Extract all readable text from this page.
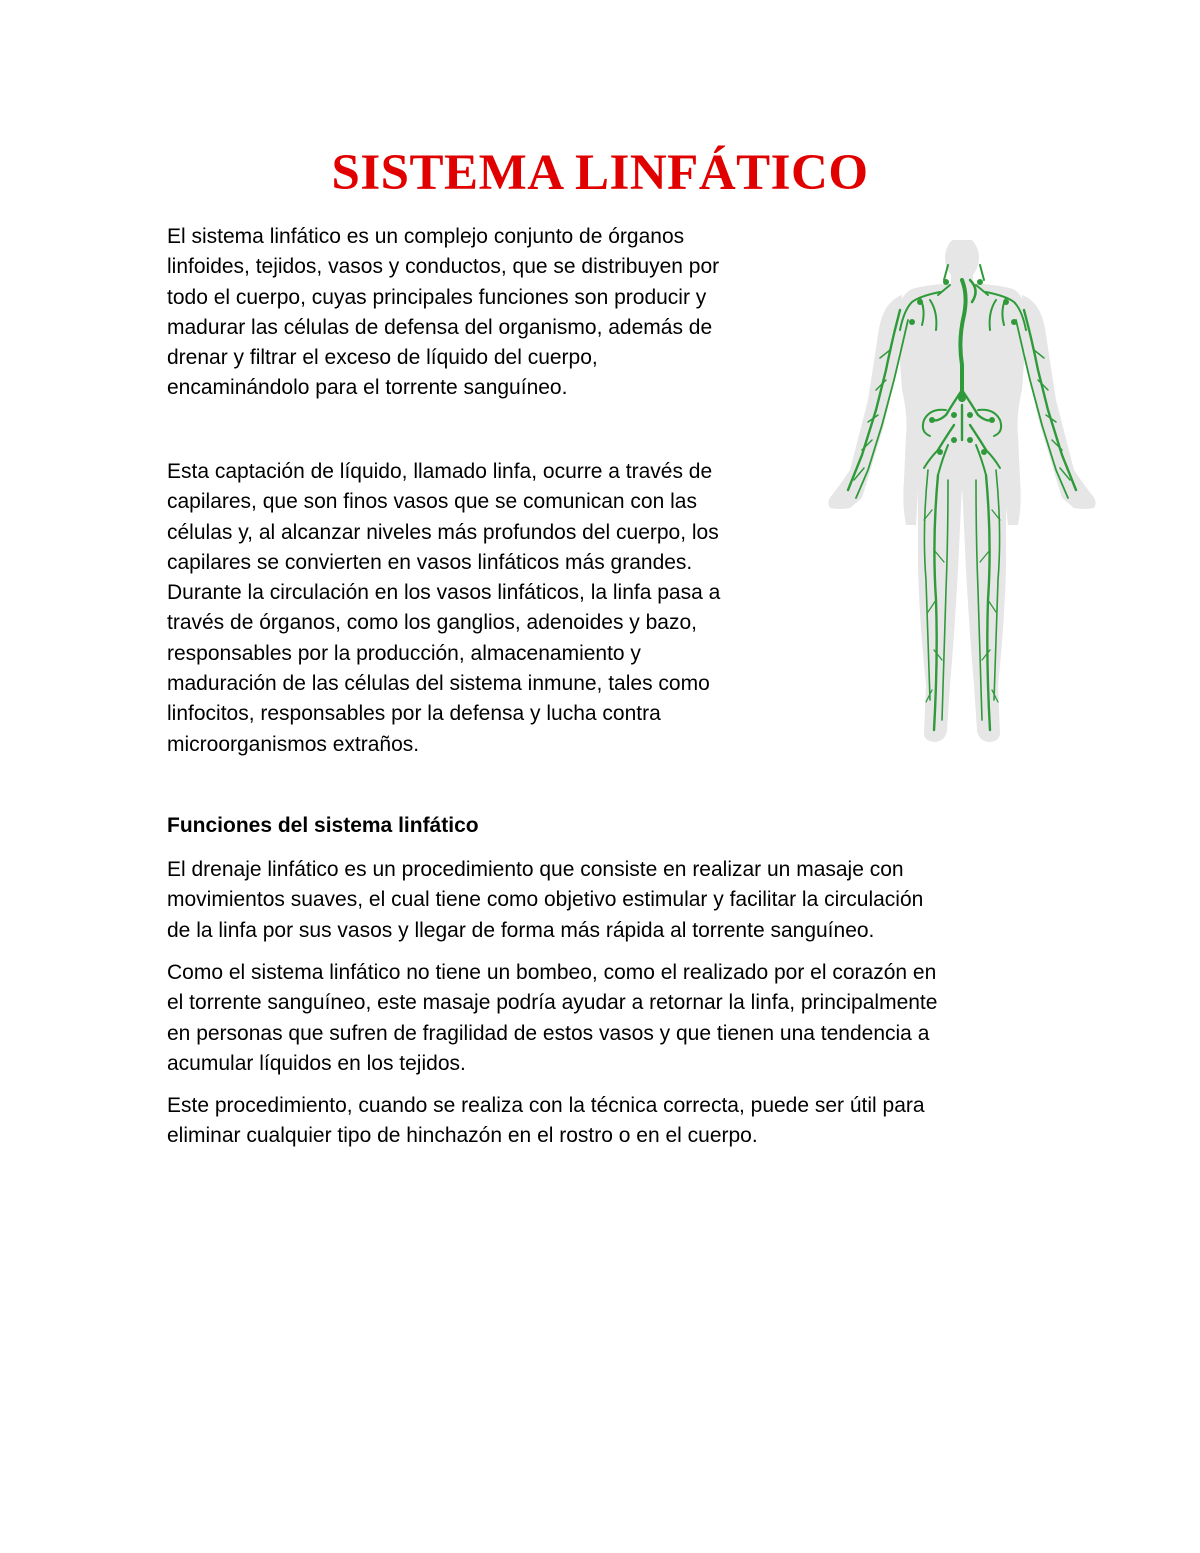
SISTEMA LINFÁTICO

El sistema linfático es un complejo conjunto de órganos
linfoides, tejidos, vasos y conductos, que se distribuyen por
todo el cuerpo, cuyas principales funciones son producir y
madurar las células de defensa del organismo, además de
drenar y filtrar el exceso de líquido del cuerpo,
encaminándolo para el torrente sanguíneo.

Esta captación de líquido, llamado linfa, ocurre a través de
capilares, que son finos vasos que se comunican con las
células y, al alcanzar niveles más profundos del cuerpo, los
capilares se convierten en vasos linfáticos más grandes.
Durante la circulación en los vasos linfáticos, la linfa pasa a
través de órganos, como los ganglios, adenoides y bazo,
responsables por la producción, almacenamiento y
maduración de las células del sistema inmune, tales como
linfocitos, responsables por la defensa y lucha contra
microorganismos extraños.

Funciones del sistema linfático

El drenaje linfático es un procedimiento que consiste en realizar un masaje con
movimientos suaves, el cual tiene como objetivo estimular y facilitar la circulación
de la linfa por sus vasos y llegar de forma más rápida al torrente sanguíneo.

Como el sistema linfático no tiene un bombeo, como el realizado por el corazón en
el torrente sanguíneo, este masaje podría ayudar a retornar la linfa, principalmente
en personas que sufren de fragilidad de estos vasos y que tienen una tendencia a
acumular líquidos en los tejidos.

Este procedimiento, cuando se realiza con la técnica correcta, puede ser útil para
eliminar cualquier tipo de hinchazón en el rostro o en el cuerpo.
